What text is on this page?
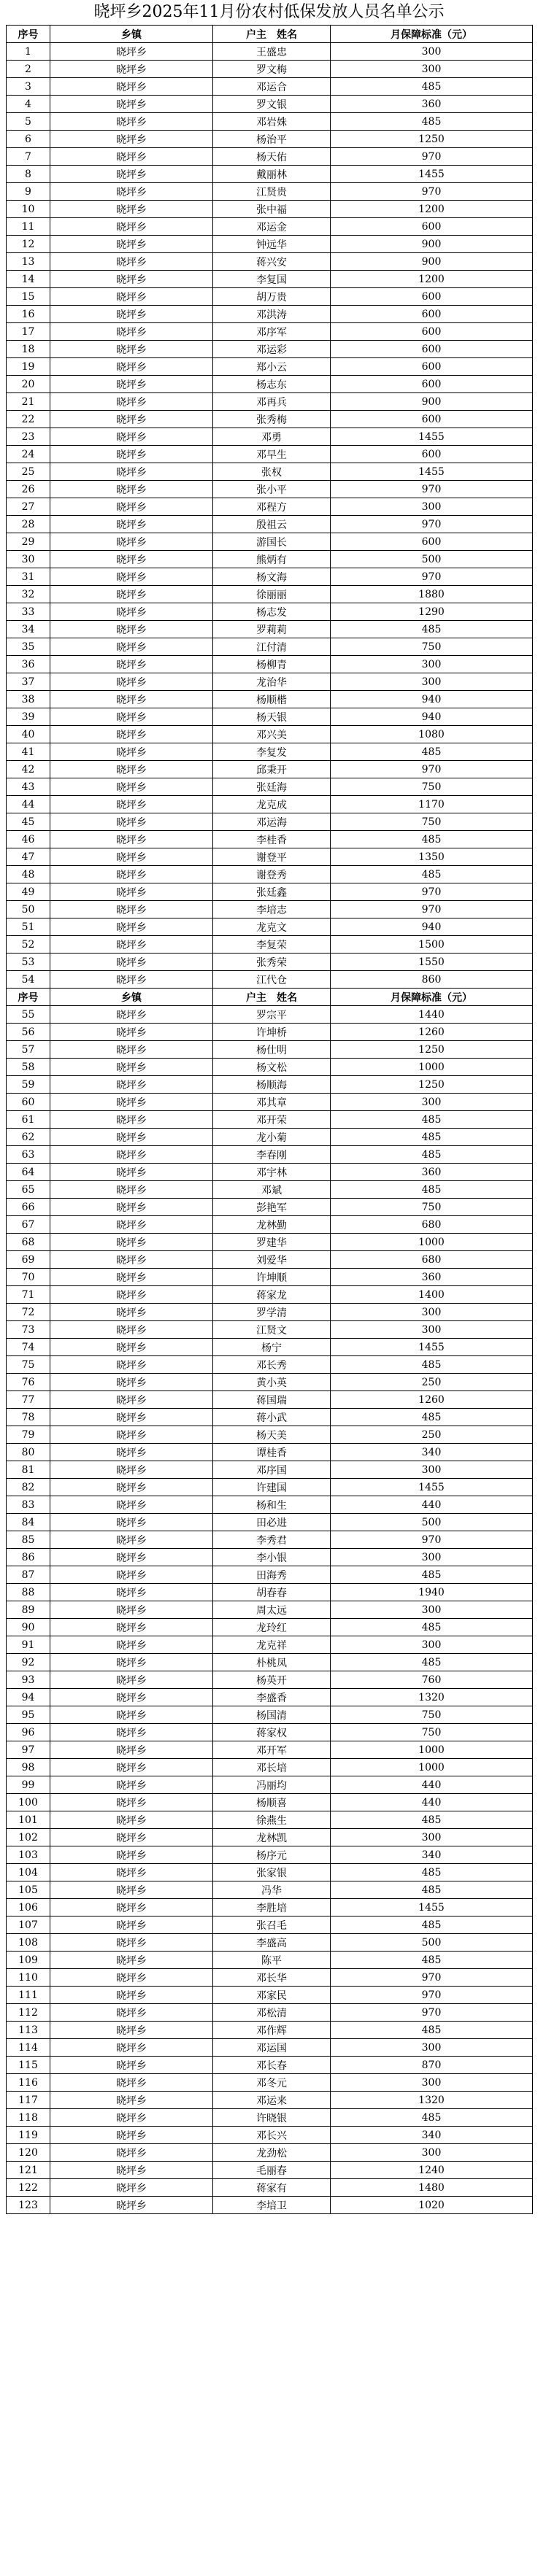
晓坪乡2025年11月份农村低保发放人员名单公示
序号	乡镇	户主　姓名	月保障标准（元）
1	晓坪乡	王盛忠	300
2	晓坪乡	罗文梅	300
3	晓坪乡	邓运合	485
4	晓坪乡	罗文银	360
5	晓坪乡	邓岩姝	485
6	晓坪乡	杨治平	1250
7	晓坪乡	杨天佑	970
8	晓坪乡	戴丽林	1455
9	晓坪乡	江贤贵	970
10	晓坪乡	张中福	1200
11	晓坪乡	邓运金	600
12	晓坪乡	钟远华	900
13	晓坪乡	蒋兴安	900
14	晓坪乡	李复国	1200
15	晓坪乡	胡万贵	600
16	晓坪乡	邓洪涛	600
17	晓坪乡	邓序军	600
18	晓坪乡	邓运彩	600
19	晓坪乡	郑小云	600
20	晓坪乡	杨志东	600
21	晓坪乡	邓再兵	900
22	晓坪乡	张秀梅	600
23	晓坪乡	邓勇	1455
24	晓坪乡	邓早生	600
25	晓坪乡	张权	1455
26	晓坪乡	张小平	970
27	晓坪乡	邓程方	300
28	晓坪乡	殷祖云	970
29	晓坪乡	游国长	600
30	晓坪乡	熊炳有	500
31	晓坪乡	杨文海	970
32	晓坪乡	徐丽丽	1880
33	晓坪乡	杨志发	1290
34	晓坪乡	罗莉莉	485
35	晓坪乡	江付清	750
36	晓坪乡	杨柳青	300
37	晓坪乡	龙治华	300
38	晓坪乡	杨顺楷	940
39	晓坪乡	杨天银	940
40	晓坪乡	邓兴美	1080
41	晓坪乡	李复发	485
42	晓坪乡	邱秉开	970
43	晓坪乡	张廷海	750
44	晓坪乡	龙克成	1170
45	晓坪乡	邓运海	750
46	晓坪乡	李桂香	485
47	晓坪乡	谢登平	1350
48	晓坪乡	谢登秀	485
49	晓坪乡	张廷鑫	970
50	晓坪乡	李培志	970
51	晓坪乡	龙克文	940
52	晓坪乡	李复荣	1500
53	晓坪乡	张秀荣	1550
54	晓坪乡	江代仓	860
序号	乡镇	户主　姓名	月保障标准（元）
55	晓坪乡	罗宗平	1440
56	晓坪乡	许坤桥	1260
57	晓坪乡	杨仕明	1250
58	晓坪乡	杨文松	1000
59	晓坪乡	杨顺海	1250
60	晓坪乡	邓其章	300
61	晓坪乡	邓开荣	485
62	晓坪乡	龙小菊	485
63	晓坪乡	李春刚	485
64	晓坪乡	邓宇林	360
65	晓坪乡	邓斌	485
66	晓坪乡	彭艳军	750
67	晓坪乡	龙林勤	680
68	晓坪乡	罗建华	1000
69	晓坪乡	刘爱华	680
70	晓坪乡	许坤顺	360
71	晓坪乡	蒋家龙	1400
72	晓坪乡	罗学清	300
73	晓坪乡	江贤文	300
74	晓坪乡	杨宁	1455
75	晓坪乡	邓长秀	485
76	晓坪乡	黄小英	250
77	晓坪乡	蒋国瑞	1260
78	晓坪乡	蒋小武	485
79	晓坪乡	杨天美	250
80	晓坪乡	谭桂香	340
81	晓坪乡	邓序国	300
82	晓坪乡	许建国	1455
83	晓坪乡	杨和生	440
84	晓坪乡	田必进	500
85	晓坪乡	李秀君	970
86	晓坪乡	李小银	300
87	晓坪乡	田海秀	485
88	晓坪乡	胡春春	1940
89	晓坪乡	周太远	300
90	晓坪乡	龙玲红	485
91	晓坪乡	龙克祥	300
92	晓坪乡	朴桃凤	485
93	晓坪乡	杨英开	760
94	晓坪乡	李盛香	1320
95	晓坪乡	杨国清	750
96	晓坪乡	蒋家权	750
97	晓坪乡	邓开军	1000
98	晓坪乡	邓长培	1000
99	晓坪乡	冯丽均	440
100	晓坪乡	杨顺喜	440
101	晓坪乡	徐燕生	485
102	晓坪乡	龙林凯	300
103	晓坪乡	杨序元	340
104	晓坪乡	张家银	485
105	晓坪乡	冯华	485
106	晓坪乡	李胜培	1455
107	晓坪乡	张召毛	485
108	晓坪乡	李盛高	500
109	晓坪乡	陈平	485
110	晓坪乡	邓长华	970
111	晓坪乡	邓家民	970
112	晓坪乡	邓松清	970
113	晓坪乡	邓作辉	485
114	晓坪乡	邓运国	300
115	晓坪乡	邓长春	870
116	晓坪乡	邓冬元	300
117	晓坪乡	邓运来	1320
118	晓坪乡	许晓银	485
119	晓坪乡	邓长兴	340
120	晓坪乡	龙劲松	300
121	晓坪乡	毛丽春	1240
122	晓坪乡	蒋家有	1480
123	晓坪乡	李培卫	1020
